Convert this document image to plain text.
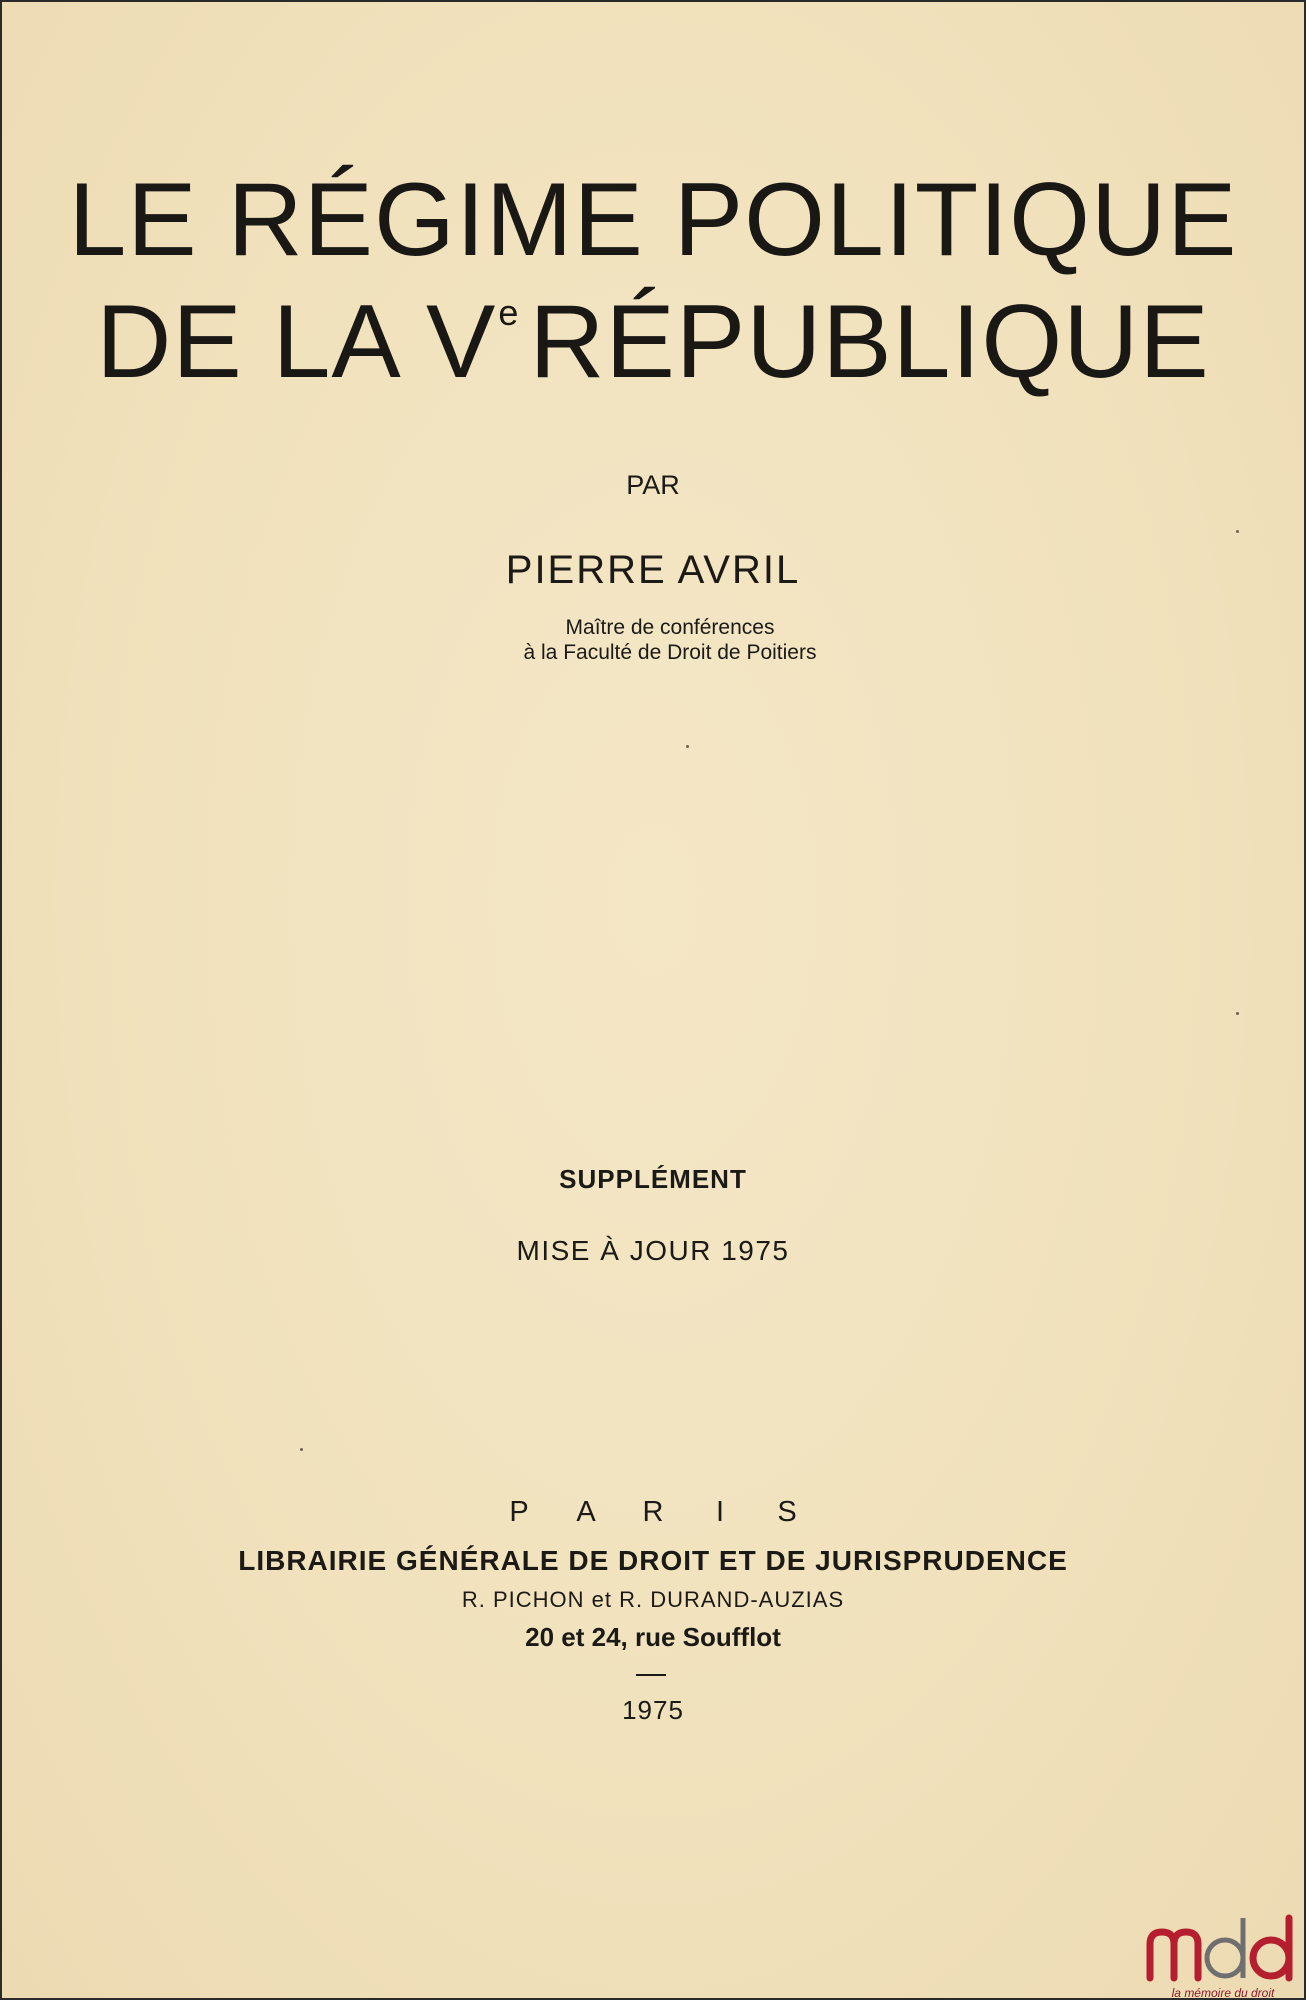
LE RÉGIME POLITIQUE
DE LA VeRÉPUBLIQUE
PAR
PIERRE AVRIL
Maître de conférences
à la Faculté de Droit de Poitiers
SUPPLÉMENT
MISE À JOUR 1975
P A R I S
LIBRAIRIE GÉNÉRALE DE DROIT ET DE JURISPRUDENCE
R. PICHON et R. DURAND-AUZIAS
20 et 24, rue Soufflot
1975
la mémoire du droit
